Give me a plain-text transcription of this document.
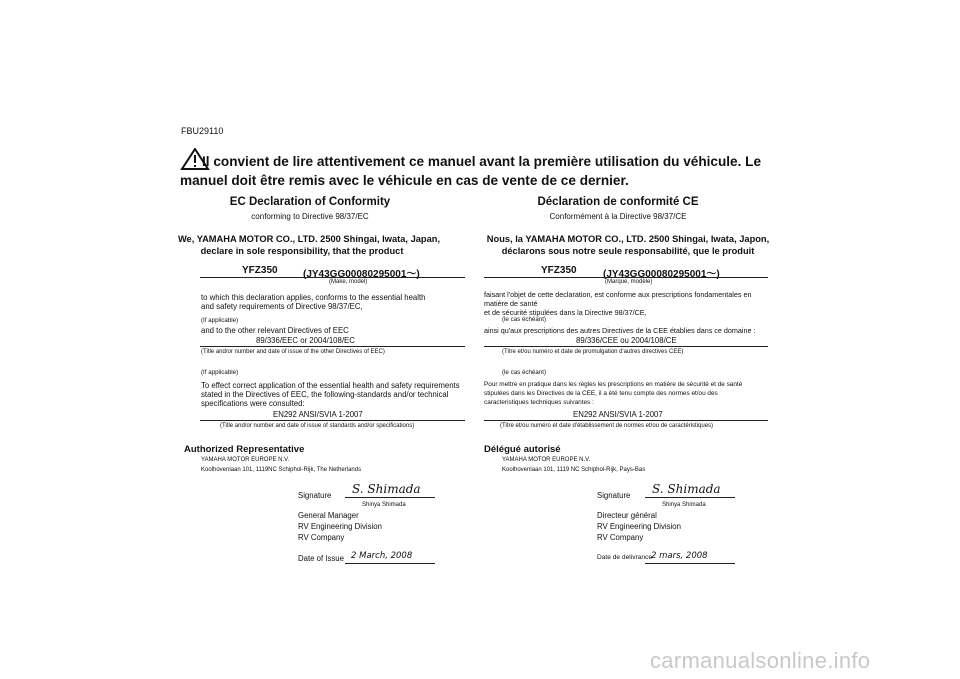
FBU29110
Il convient de lire attentivement ce manuel avant la première utilisation du véhicule. Le manuel doit être remis avec le véhicule en cas de vente de ce dernier.
EC Declaration of Conformity
conforming to Directive 98/37/EC
We, YAMAHA MOTOR CO., LTD. 2500 Shingai, Iwata, Japan,
declare in sole responsibility, that the product
YFZ350	(JY43GG00080295001～)
(Make, model)
to which this declaration applies, conforms to the essential health
and safety requirements of Directive 98/37/EC,
(If applicable)
and to the other relevant Directives of EEC
89/336/EEC or 2004/108/EC
(Title and/or number and date of issue of the other Directives of EEC)
(If applicable)
To effect correct application of the essential health and safety requirements
stated in the Directives of EEC, the following-standards and/or technical
specifications were consulted:
EN292 ANSI/SVIA 1-2007
(Title and/or number and date of issue of standards and/or specifications)
Authorized Representative
YAMAHA MOTOR EUROPE N.V.
Koolhovenlaan 101, 1119NC Schiphol-Rijk, The Netherlands
Signature S. Shimada
Shinya Shimada
General Manager
RV Engineering Division
RV Company
Date of Issue 2 March, 2008
Déclaration de conformité CE
Conformément à la Directive 98/37/CE
Nous, la YAMAHA MOTOR CO., LTD. 2500 Shingai, Iwata, Japon,
déclarons sous notre seule responsabilité, que le produit
YFZ350	(JY43GG00080295001～)
(Marque, modèle)
faisant l'objet de cette declaration, est conforme aux prescriptions fondamentales en
matière de santé
et de sécurité stipulées dans la Directive 98/37/CE,
(le cas échéant)
ainsi qu'aux prescriptions des autres Directives de la CEE établies dans ce domaine :
89/336/CEE ou 2004/108/CE
(Titre et/ou numéro et date de promulgation d'autres directives CEE)
(le cas échéant)
Pour mettre en pratique dans les règles les prescriptions en matière de sécurité et de santé
stipulées dans les Directives de la CEE, il a été tenu compte des normes et/ou des
caracteristiques techniques suivantes :
EN292 ANSI/SVIA 1-2007
(Titre et/ou numéro et date d'établissement de normes et/ou de caractéristiques)
Délégué autorisé
YAMAHA MOTOR EUROPE N.V.
Koolhovenlaan 101, 1119 NC Schiphol-Rijk, Pays-Bas
Signature S. Shimada
Shinya Shimada
Directeur général
RV Engineering Division
RV Company
Date de delivrance 2 mars, 2008
carmanualsonline.info
